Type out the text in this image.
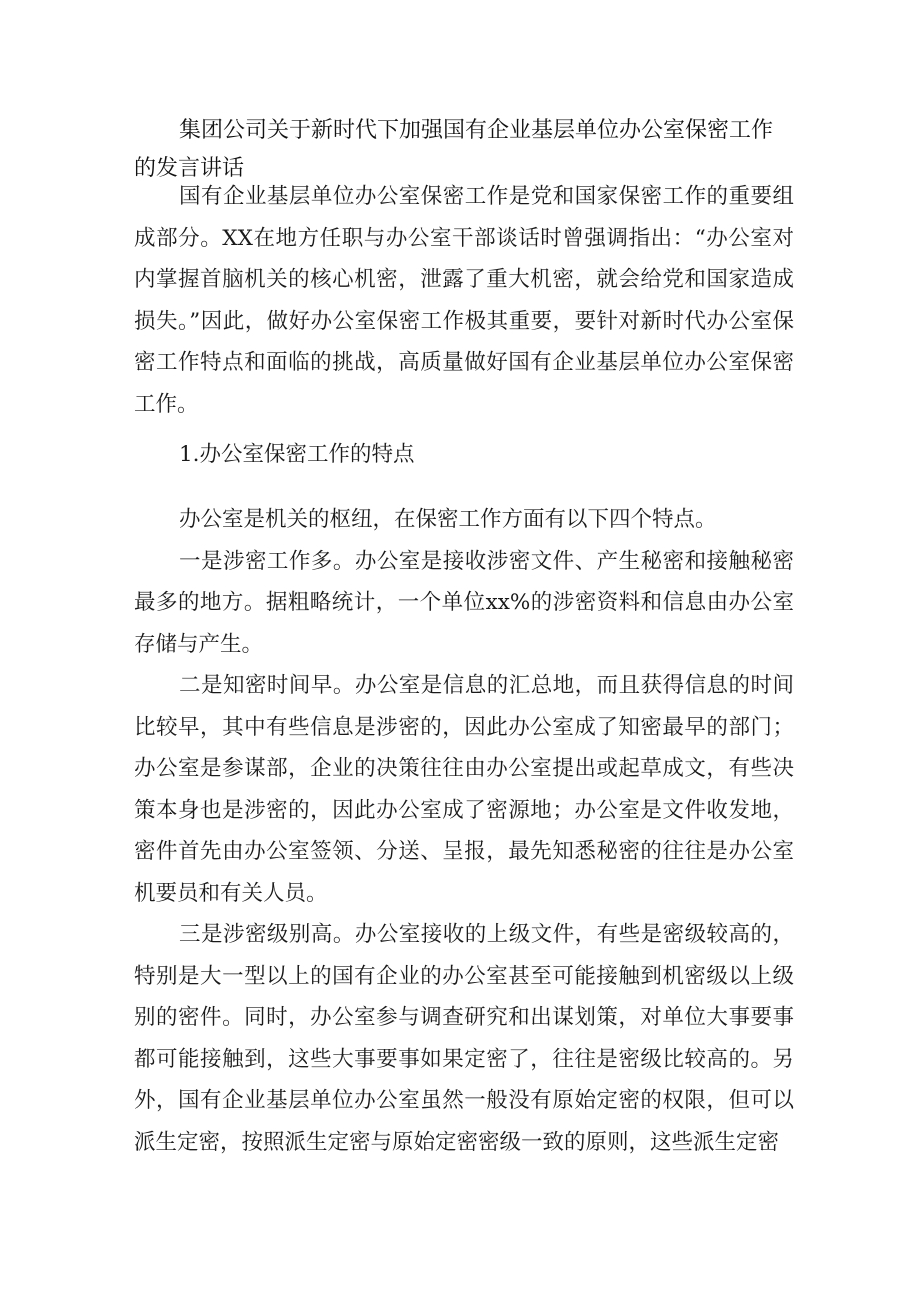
集团公司关于新时代下加强国有企业基层单位办公室保密工作的发言讲话

国有企业基层单位办公室保密工作是党和国家保密工作的重要组成部分。XX在地方任职与办公室干部谈话时曾强调指出：“办公室对内掌握首脑机关的核心机密，泄露了重大机密，就会给党和国家造成损失。”因此，做好办公室保密工作极其重要，要针对新时代办公室保密工作特点和面临的挑战，高质量做好国有企业基层单位办公室保密工作。

1.办公室保密工作的特点

办公室是机关的枢纽，在保密工作方面有以下四个特点。

一是涉密工作多。办公室是接收涉密文件、产生秘密和接触秘密最多的地方。据粗略统计，一个单位xx%的涉密资料和信息由办公室存储与产生。

二是知密时间早。办公室是信息的汇总地，而且获得信息的时间比较早，其中有些信息是涉密的，因此办公室成了知密最早的部门；办公室是参谋部，企业的决策往往由办公室提出或起草成文，有些决策本身也是涉密的，因此办公室成了密源地；办公室是文件收发地，密件首先由办公室签领、分送、呈报，最先知悉秘密的往往是办公室机要员和有关人员。

三是涉密级别高。办公室接收的上级文件，有些是密级较高的，特别是大一型以上的国有企业的办公室甚至可能接触到机密级以上级别的密件。同时，办公室参与调查研究和出谋划策，对单位大事要事都可能接触到，这些大事要事如果定密了，往往是密级比较高的。另外，国有企业基层单位办公室虽然一般没有原始定密的权限，但可以派生定密，按照派生定密与原始定密密级一致的原则，这些派生定密
